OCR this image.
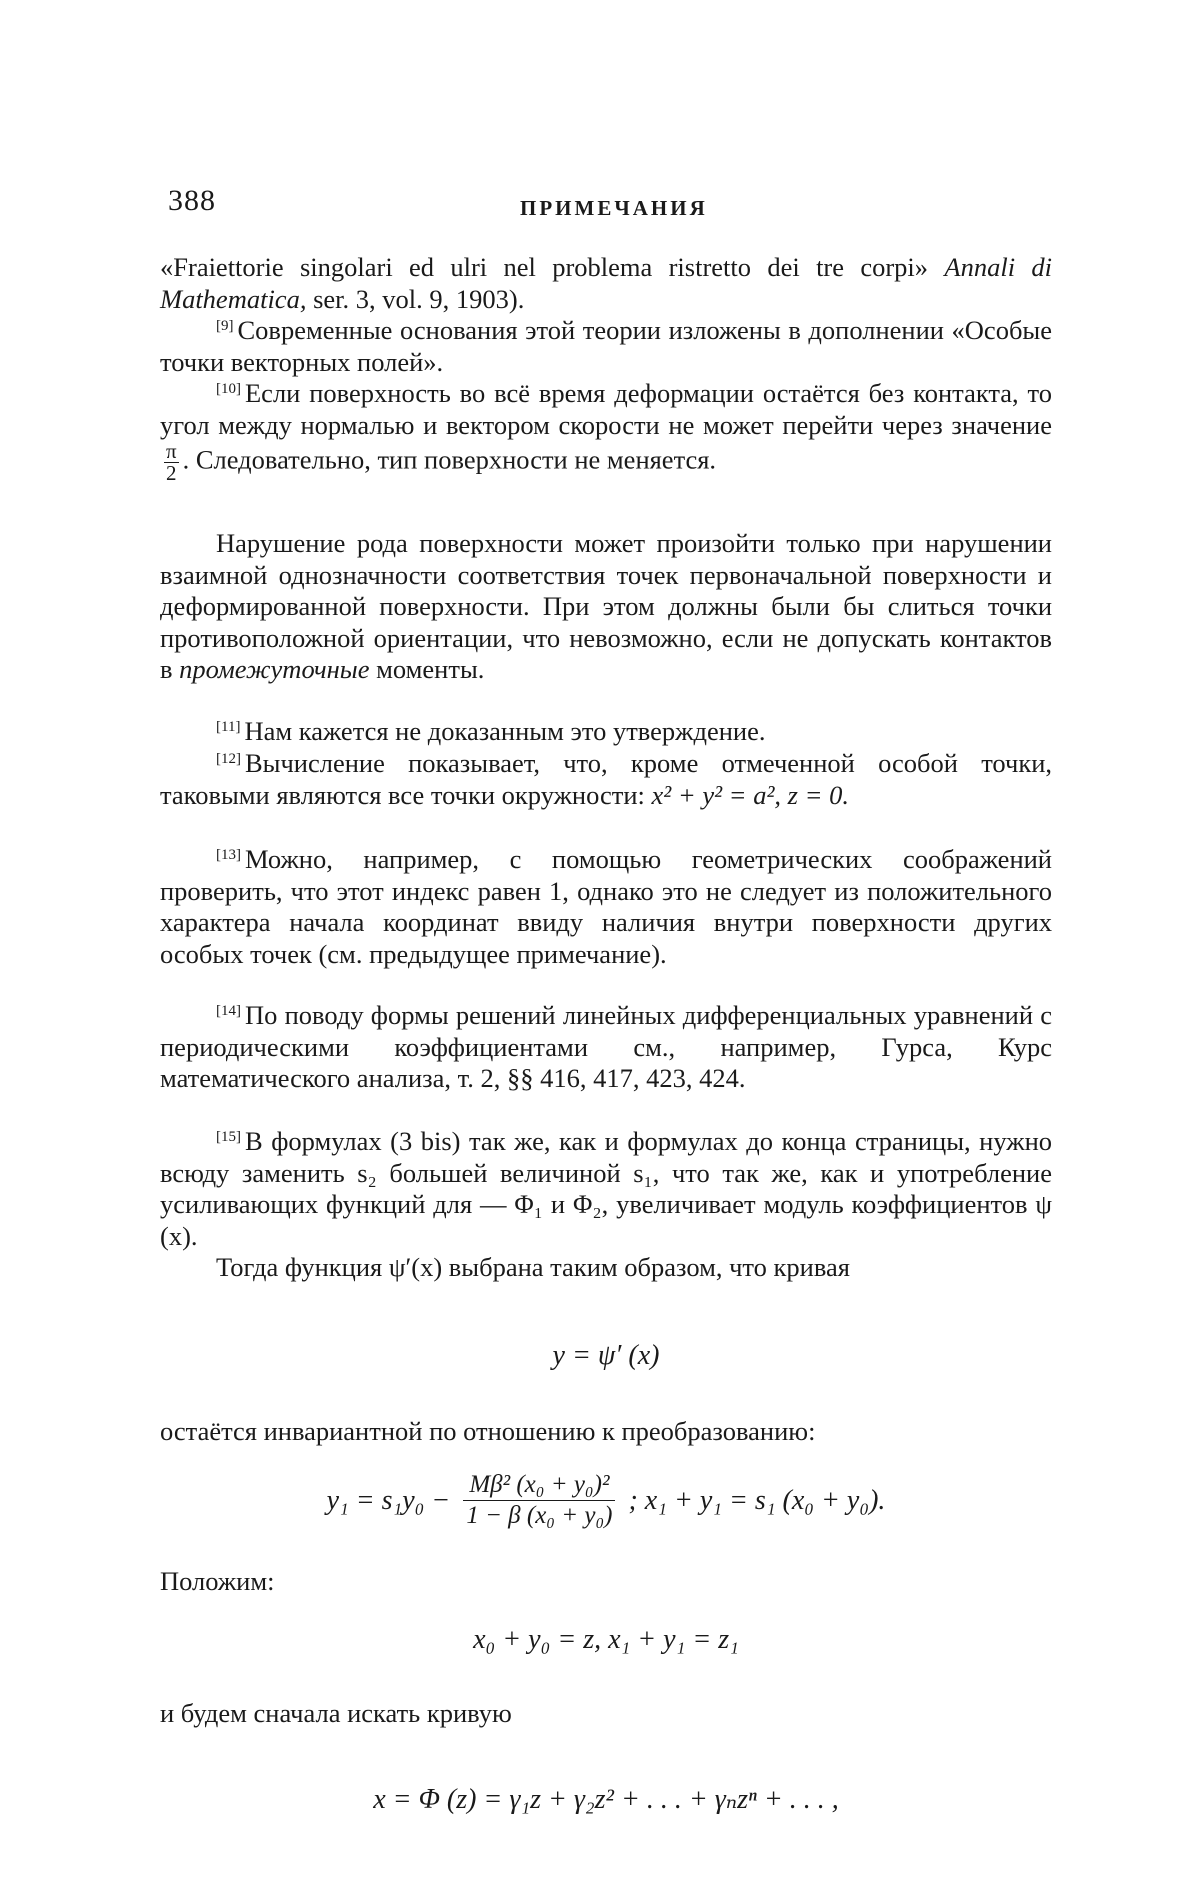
388	ПРИМЕЧАНИЯ

«Fraiettorie singolari ed ulri nel problema ristretto dei tre corpi» Annali di Mathematica, ser. 3, vol. 9, 1903).

[9] Современные основания этой теории изложены в дополнении «Особые точки векторных полей».

[10] Если поверхность во всё время деформации остаётся без контакта, то угол между нормалью и вектором скорости не может перейти через значение
$\frac{\pi}{2}$ . Следовательно, тип поверхности не меняется.

Нарушение рода поверхности может произойти только при нарушении взаимной однозначности соответствия точек первоначальной поверхности и деформированной поверхности. При этом должны были бы слиться точки противоположной ориентации, что невозможно, если не допускать контактов в промежуточные моменты.

[11] Нам кажется не доказанным это утверждение.

[12] Вычисление показывает, что, кроме отмеченной особой точки, таковыми являются все точки окружности: x² + y² = a², z = 0.

[13] Можно, например, с помощью геометрических соображений проверить, что этот индекс равен 1, однако это не следует из положительного характера начала координат ввиду наличия внутри поверхности других особых точек (см. предыдущее примечание).

[14] По поводу формы решений линейных дифференциальных уравнений с периодическими коэффициентами см., например, Гурса, Курс математического анализа, т. 2, §§ 416, 417, 423, 424.

[15] В формулах (3 bis) так же, как и формулах до конца страницы, нужно всюду заменить s₂ большей величиной s₁, что так же, как и употребление усиливающих функций для — Φ₁ и Φ₂, увеличивает модуль коэффициентов ψ (x).

Тогда функция ψ′(x) выбрана таким образом, что кривая

y = ψ′ (x)

остаётся инвариантной по отношению к преобразованию:

$y_1 = s_1y_0 - \frac{\text{Mβ² (x₀ + y₀)²}}{\text{1 − β (x₀ + y₀)}}$ ; x₁ + y₁ = s₁ (x₀ + y₀).

Положим:

x₀ + y₀ = z, x₁ + y₁ = z₁

и будем сначала искать кривую

x = Φ (z) = γ₁z + γ₂z² + . . . + γₙzⁿ + . . . ,
